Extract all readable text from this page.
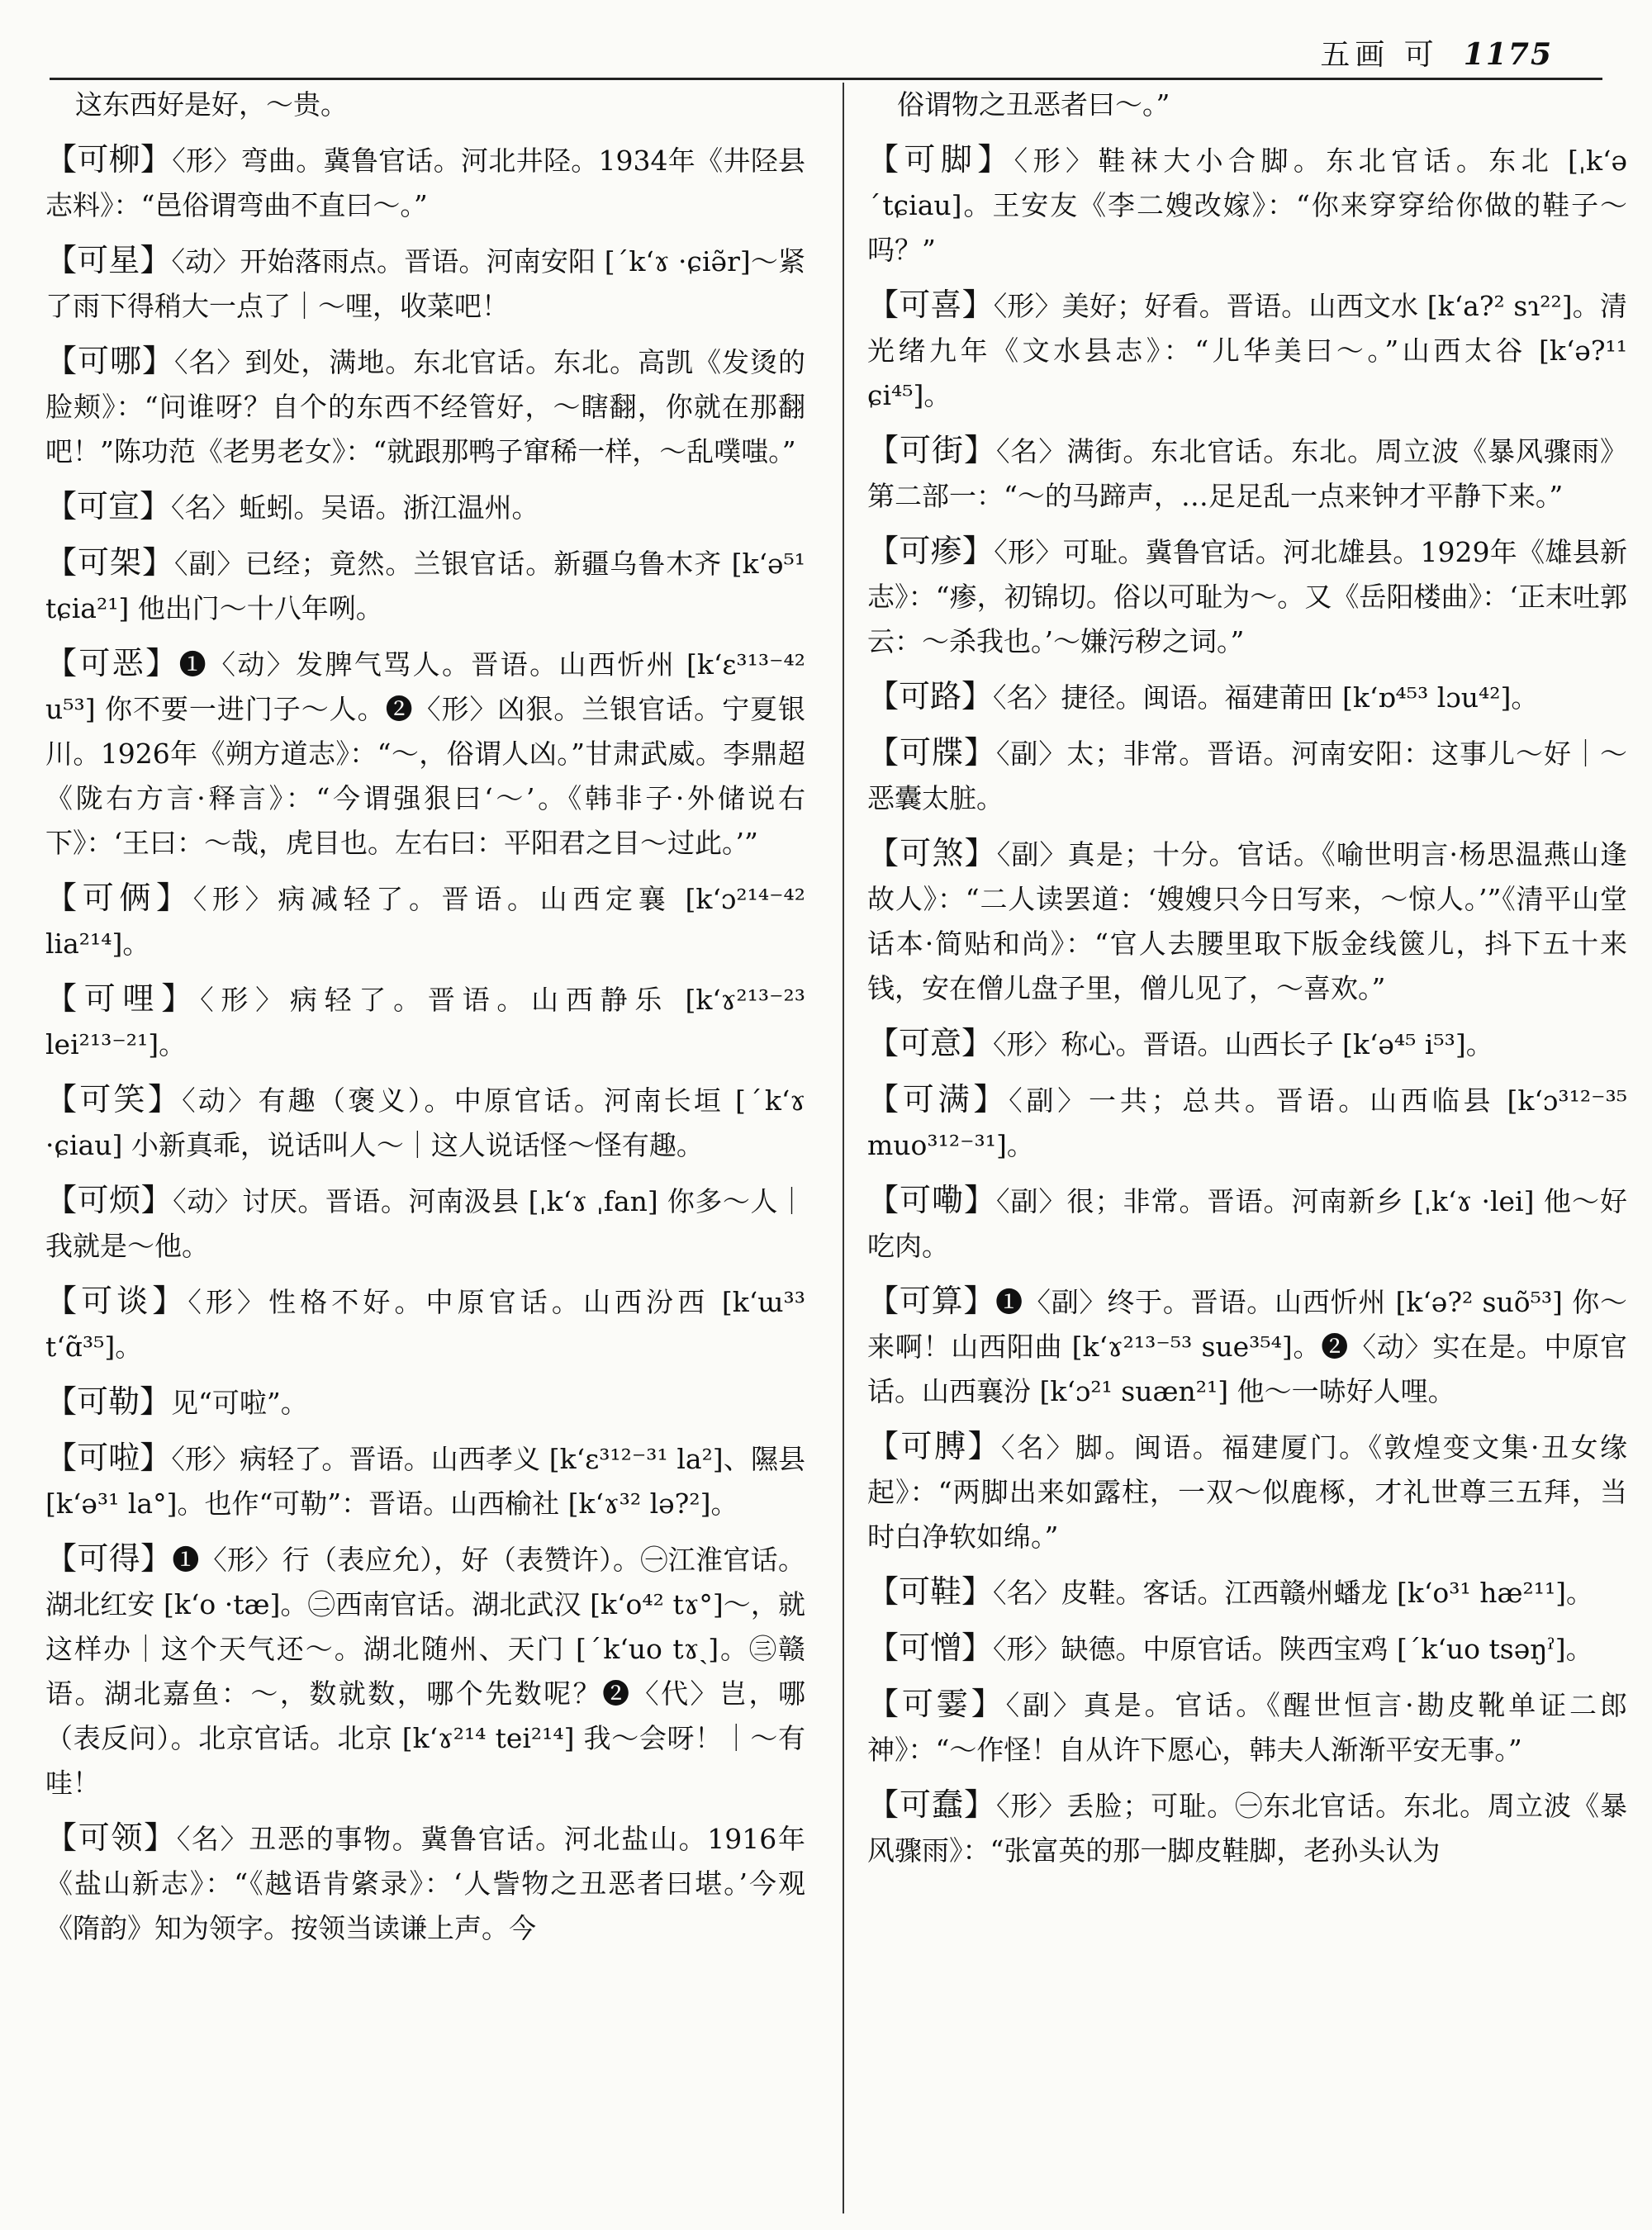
五画 可 1175

这东西好是好，～贵。

【可柳】〈形〉弯曲。冀鲁官话。河北井陉。1934年《井陉县志料》：“邑俗谓弯曲不直曰～。”

【可星】〈动〉开始落雨点。晋语。河南安阳 [ˊkʻɤ ·ɕiə̃r]～紧了雨下得稍大一点了｜～哩，收菜吧！

【可哪】〈名〉到处，满地。东北官话。东北。高凯《发烫的脸颊》：“问谁呀？自个的东西不经管好，～瞎翻，你就在那翻吧！”陈功范《老男老女》：“就跟那鸭子窜稀一样，～乱噗嗤。”

【可宣】〈名〉蚯蚓。吴语。浙江温州。

【可架】〈副〉已经；竟然。兰银官话。新疆乌鲁木齐 [kʻə⁵¹ tɕia²¹] 他出门～十八年咧。

【可恶】❶〈动〉发脾气骂人。晋语。山西忻州 [kʻɛ³¹³⁻⁴² u⁵³] 你不要一进门子～人。❷〈形〉凶狠。兰银官话。宁夏银川。1926年《朔方道志》：“～，俗谓人凶。”甘肃武威。李鼎超《陇右方言·释言》：“今谓强狠曰‘～’。《韩非子·外储说右下》：‘王曰：～哉，虎目也。左右曰：平阳君之目～过此。’”

【可俩】〈形〉病减轻了。晋语。山西定襄 [kʻɔ²¹⁴⁻⁴² lia²¹⁴]。

【可哩】〈形〉病轻了。晋语。山西静乐 [kʻɤ²¹³⁻²³ lei²¹³⁻²¹]。

【可笑】〈动〉有趣（褒义）。中原官话。河南长垣 [ˊkʻɤ ·ɕiau] 小新真乖，说话叫人～｜这人说话怪～怪有趣。

【可烦】〈动〉讨厌。晋语。河南汲县 [ˌkʻɤ ˌfan] 你多～人｜我就是～他。

【可谈】〈形〉性格不好。中原官话。山西汾西 [kʻɯ³³ tʻɑ̃³⁵]。

【可勒】见“可啦”。

【可啦】〈形〉病轻了。晋语。山西孝义 [kʻɛ³¹²⁻³¹ la²]、隰县 [kʻə³¹ la°]。也作“可勒”：晋语。山西榆社 [kʻɤ³² lə?²]。

【可得】❶〈形〉行（表应允），好（表赞许）。㊀江淮官话。湖北红安 [kʻo ·tæ]。㊁西南官话。湖北武汉 [kʻo⁴² tɤ°]～，就这样办｜这个天气还～。湖北随州、天门 [ˊkʻuo tɤˎ]。㊂赣语。湖北嘉鱼：～，数就数，哪个先数呢？❷〈代〉岂，哪（表反问）。北京官话。北京 [kʻɤ²¹⁴ tei²¹⁴] 我～会呀！｜～有哇！

【可领】〈名〉丑恶的事物。冀鲁官话。河北盐山。1916年《盐山新志》：“《越语肯綮录》：‘人訾物之丑恶者曰堪。’今观《隋韵》知为领字。按领当读谦上声。今

俗谓物之丑恶者曰～。”

【可脚】〈形〉鞋袜大小合脚。东北官话。东北 [ˌkʻə ˊtɕiau]。王安友《李二嫂改嫁》：“你来穿穿给你做的鞋子～吗？”

【可喜】〈形〉美好；好看。晋语。山西文水 [kʻa?² sɿ²²]。清光绪九年《文水县志》：“儿华美曰～。”山西太谷 [kʻə?¹¹ ɕi⁴⁵]。

【可街】〈名〉满街。东北官话。东北。周立波《暴风骤雨》第二部一：“～的马蹄声，…足足乱一点来钟才平静下来。”

【可瘆】〈形〉可耻。冀鲁官话。河北雄县。1929年《雄县新志》：“瘆，初锦切。俗以可耻为～。又《岳阳楼曲》：‘正末吐郭云：～杀我也。’～嫌污秽之词。”

【可路】〈名〉捷径。闽语。福建莆田 [kʻɒ⁴⁵³ lɔu⁴²]。

【可牒】〈副〉太；非常。晋语。河南安阳：这事儿～好｜～恶囊太脏。

【可煞】〈副〉真是；十分。官话。《喻世明言·杨思温燕山逢故人》：“二人读罢道：‘嫂嫂只今日写来，～惊人。’”《清平山堂话本·简贴和尚》：“官人去腰里取下版金线篋儿，抖下五十来钱，安在僧儿盘子里，僧儿见了，～喜欢。”

【可意】〈形〉称心。晋语。山西长子 [kʻə⁴⁵ i⁵³]。

【可满】〈副〉一共；总共。晋语。山西临县 [kʻɔ³¹²⁻³⁵ muo³¹²⁻³¹]。

【可嘞】〈副〉很；非常。晋语。河南新乡 [ˌkʻɤ ·lei] 他～好吃肉。

【可算】❶〈副〉终于。晋语。山西忻州 [kʻə?² suõ⁵³] 你～来啊！山西阳曲 [kʻɤ²¹³⁻⁵³ sue³⁵⁴]。❷〈动〉实在是。中原官话。山西襄汾 [kʻɔ²¹ suæn²¹] 他～一哧好人哩。

【可膊】〈名〉脚。闽语。福建厦门。《敦煌变文集·丑女缘起》：“两脚出来如露柱，一双～似鹿椓，才礼世尊三五拜，当时白净软如绵。”

【可鞋】〈名〉皮鞋。客话。江西赣州蟠龙 [kʻo³¹ hæ²¹¹]。

【可憎】〈形〉缺德。中原官话。陕西宝鸡 [ˊkʻuo tsəŋˀ]。

【可霎】〈副〉真是。官话。《醒世恒言·勘皮靴单证二郎神》：“～作怪！自从许下愿心，韩夫人渐渐平安无事。”

【可蠢】〈形〉丢脸；可耻。㊀东北官话。东北。周立波《暴风骤雨》：“张富英的那一脚皮鞋脚，老孙头认为
